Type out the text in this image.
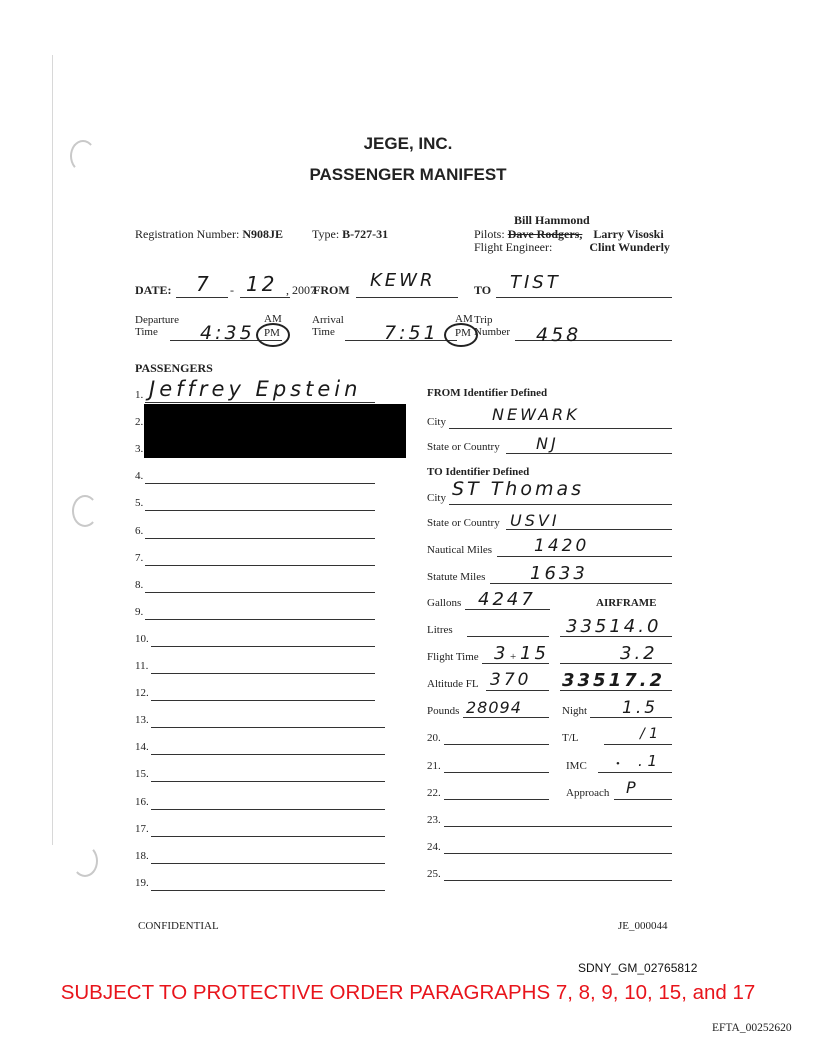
JEGE, INC.
PASSENGER MANIFEST
Registration Number: N908JE Type: B-727-31
Bill Hammond
Pilots: Dave Rodgers, Larry Visoski
Flight Engineer:	Clint Wunderly
DATE: 7 - 12 , 2007
FROM KEWR	TO TIST
Departure
Time	4:35
AM
PM
Arrival
Time	7:51
AM
PM
Trip
Number 458
PASSENGERS
1. Jeffrey Epstein
2.
3.
4.
5.
6.
7.
8.
9.
10.
11.
12.
13.
14.
15.
16.
17.
18.
19.
FROM Identifier Defined
City	NEWARK
State or Country NJ
TO Identifier Defined
City ST Thomas
State or Country USVI
Nautical Miles 1420
Statute Miles 1633
Gallons 4247	AIRFRAME
Litres	33514.0
Flight Time 3 + 15	3.2
Altitude FL 370 33517.2
Pounds 28094	Night 1.5
20.	T/L	/ 1
21.	IMC	• . 1
22.	Approach P
23.
24.
25.
CONFIDENTIAL	JE_000044
SDNY_GM_02765812
SUBJECT TO PROTECTIVE ORDER PARAGRAPHS 7, 8, 9, 10, 15, and 17
EFTA_00252620
